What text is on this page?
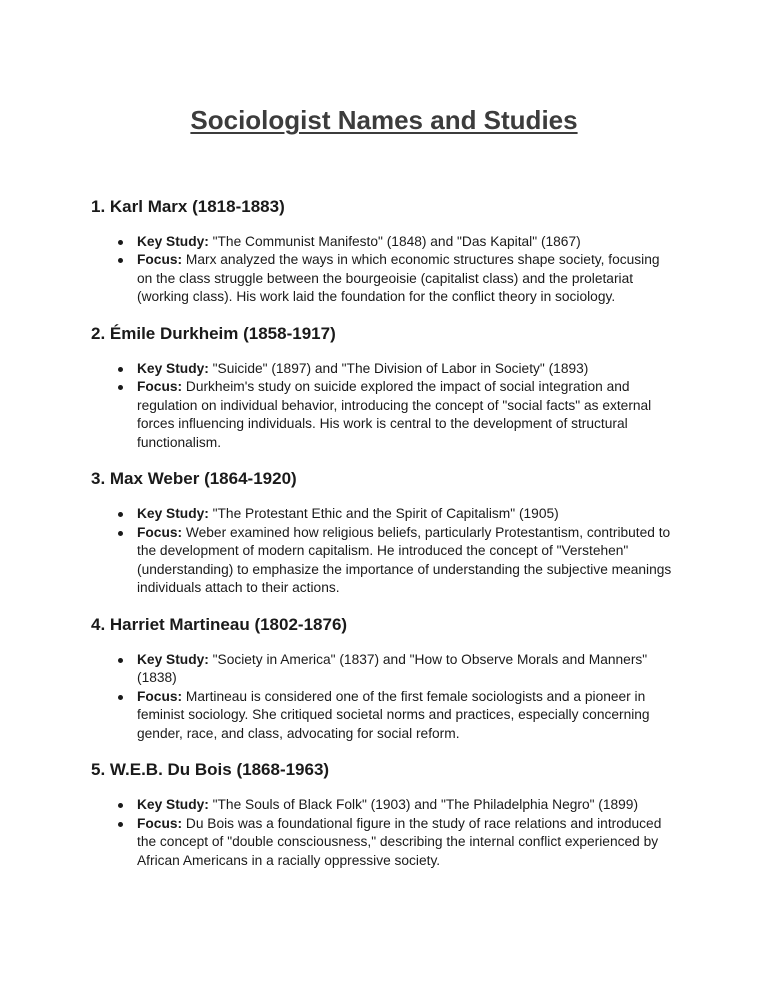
Sociologist Names and Studies
1. Karl Marx (1818-1883)
Key Study: "The Communist Manifesto" (1848) and "Das Kapital" (1867)
Focus: Marx analyzed the ways in which economic structures shape society, focusing on the class struggle between the bourgeoisie (capitalist class) and the proletariat (working class). His work laid the foundation for the conflict theory in sociology.
2. Émile Durkheim (1858-1917)
Key Study: "Suicide" (1897) and "The Division of Labor in Society" (1893)
Focus: Durkheim's study on suicide explored the impact of social integration and regulation on individual behavior, introducing the concept of "social facts" as external forces influencing individuals. His work is central to the development of structural functionalism.
3. Max Weber (1864-1920)
Key Study: "The Protestant Ethic and the Spirit of Capitalism" (1905)
Focus: Weber examined how religious beliefs, particularly Protestantism, contributed to the development of modern capitalism. He introduced the concept of "Verstehen" (understanding) to emphasize the importance of understanding the subjective meanings individuals attach to their actions.
4. Harriet Martineau (1802-1876)
Key Study: "Society in America" (1837) and "How to Observe Morals and Manners" (1838)
Focus: Martineau is considered one of the first female sociologists and a pioneer in feminist sociology. She critiqued societal norms and practices, especially concerning gender, race, and class, advocating for social reform.
5. W.E.B. Du Bois (1868-1963)
Key Study: "The Souls of Black Folk" (1903) and "The Philadelphia Negro" (1899)
Focus: Du Bois was a foundational figure in the study of race relations and introduced the concept of "double consciousness," describing the internal conflict experienced by African Americans in a racially oppressive society.
